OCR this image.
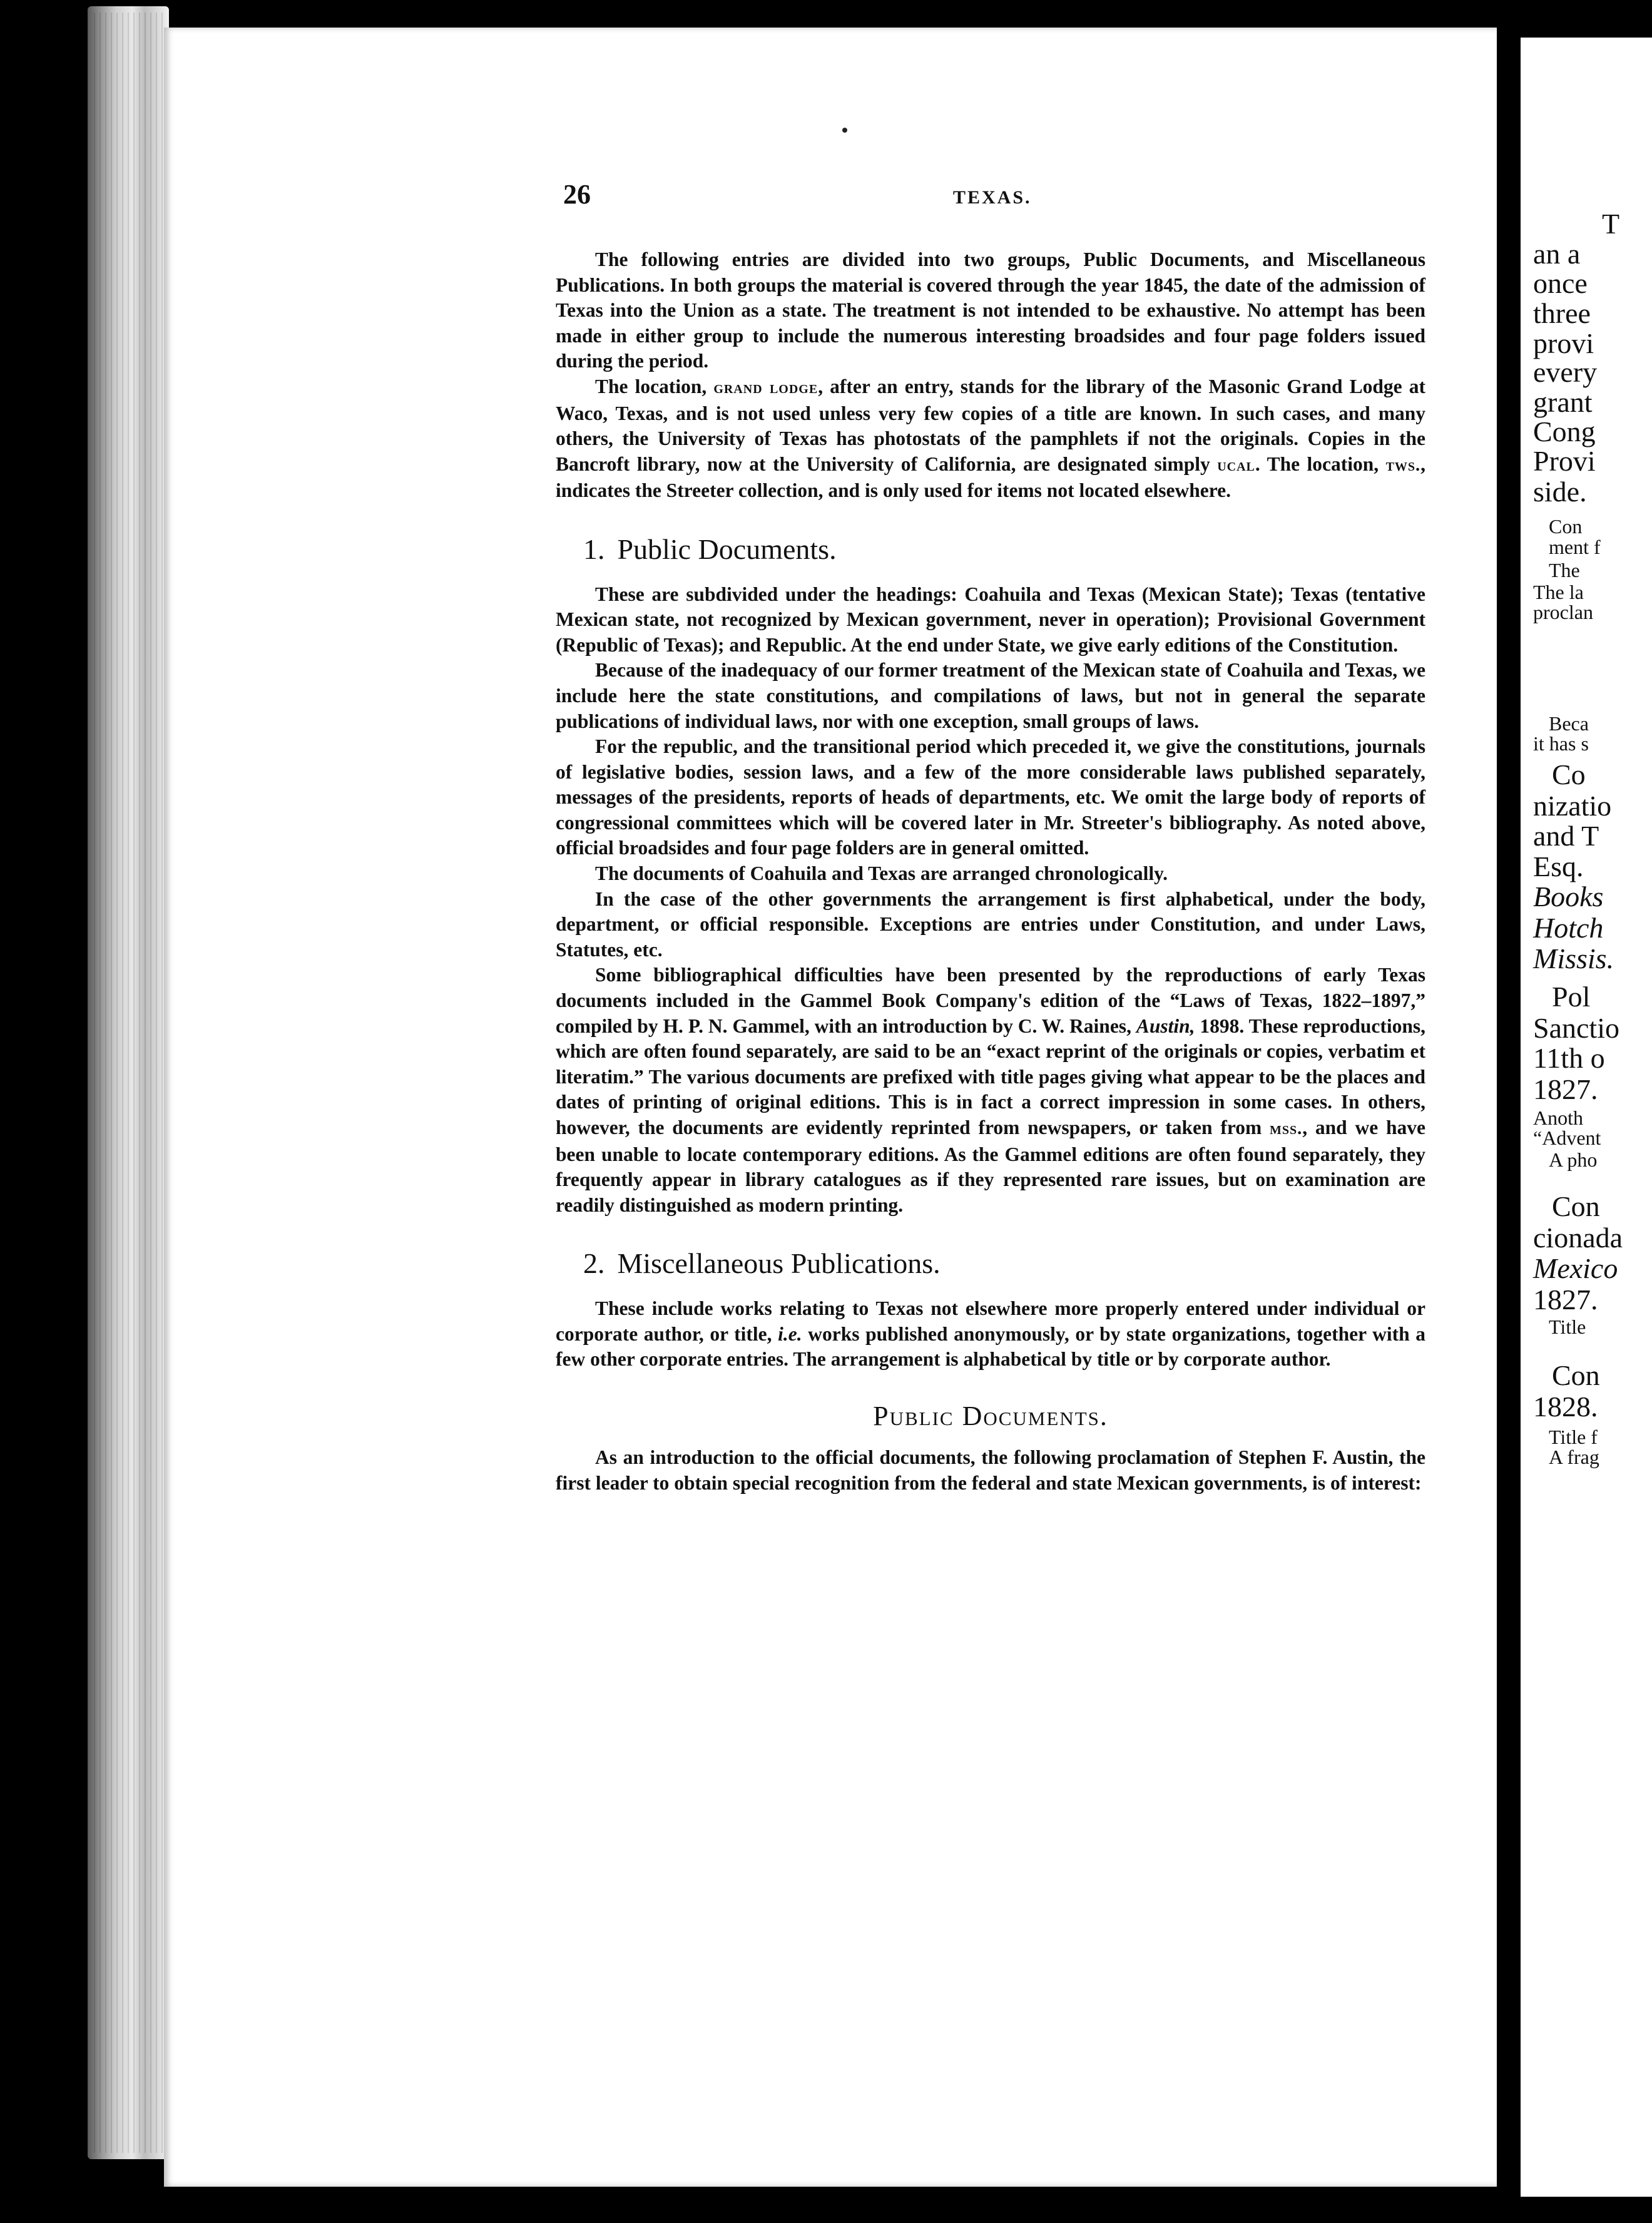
26	TEXAS.

The following entries are divided into two groups, Public Documents, and Miscellaneous Publications. In both groups the material is covered through the year 1845, the date of the admission of Texas into the Union as a state. The treatment is not intended to be exhaustive. No attempt has been made in either group to include the numerous interesting broadsides and four page folders issued during the period.

The location, grand lodge, after an entry, stands for the library of the Masonic Grand Lodge at Waco, Texas, and is not used unless very few copies of a title are known. In such cases, and many others, the University of Texas has photostats of the pamphlets if not the originals. Copies in the Bancroft library, now at the University of California, are designated simply ucal. The location, tws., indicates the Streeter collection, and is only used for items not located elsewhere.

1. Public Documents.

These are subdivided under the headings: Coahuila and Texas (Mexican State); Texas (tentative Mexican state, not recognized by Mexican government, never in operation); Provisional Government (Republic of Texas); and Republic. At the end under State, we give early editions of the Constitution.

Because of the inadequacy of our former treatment of the Mexican state of Coahuila and Texas, we include here the state constitutions, and compilations of laws, but not in general the separate publications of individual laws, nor with one exception, small groups of laws.

For the republic, and the transitional period which preceded it, we give the constitutions, journals of legislative bodies, session laws, and a few of the more considerable laws published separately, messages of the presidents, reports of heads of departments, etc. We omit the large body of reports of congressional committees which will be covered later in Mr. Streeter's bibliography. As noted above, official broadsides and four page folders are in general omitted.

The documents of Coahuila and Texas are arranged chronologically.

In the case of the other governments the arrangement is first alphabetical, under the body, department, or official responsible. Exceptions are entries under Constitution, and under Laws, Statutes, etc.

Some bibliographical difficulties have been presented by the reproductions of early Texas documents included in the Gammel Book Company's edition of the “Laws of Texas, 1822–1897,” compiled by H. P. N. Gammel, with an introduction by C. W. Raines, Austin, 1898. These reproductions, which are often found separately, are said to be an “exact reprint of the originals or copies, verbatim et literatim.” The various documents are prefixed with title pages giving what appear to be the places and dates of printing of original editions. This is in fact a correct impression in some cases. In others, however, the documents are evidently reprinted from newspapers, or taken from mss., and we have been unable to locate contemporary editions. As the Gammel editions are often found separately, they frequently appear in library catalogues as if they represented rare issues, but on examination are readily distinguished as modern printing.

2. Miscellaneous Publications.

These include works relating to Texas not elsewhere more properly entered under individual or corporate author, or title, i.e. works published anonymously, or by state organizations, together with a few other corporate entries. The arrangement is alphabetical by title or by corporate author.

Public Documents.

As an introduction to the official documents, the following proclamation of Stephen F. Austin, the first leader to obtain special recognition from the federal and state Mexican governments, is of interest:

T
an a
once
three
provi
every
grant
Cong
Provi
side.
Con
ment f
The
The la
proclan
Beca
it has s
Co
nizatio
and T
Esq.
Books
Hotch
Missis.
Pol
Sanctio
11th o
1827.
Anoth
“Advent
A pho
Con
cionada
Mexico
1827.
Title
Con
1828.
Title f
A frag
